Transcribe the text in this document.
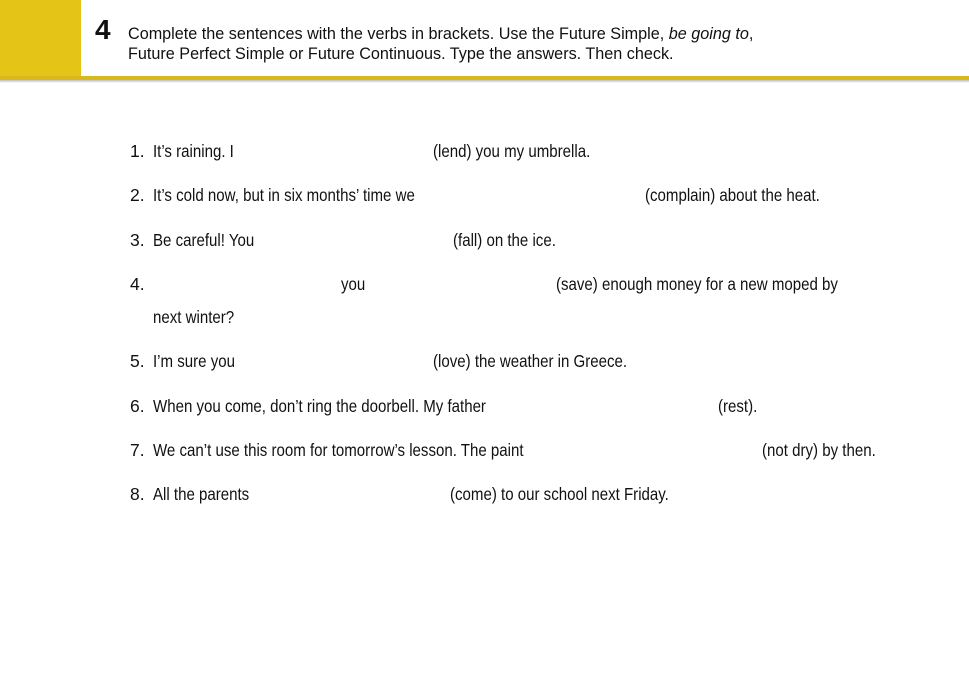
4 Complete the sentences with the verbs in brackets. Use the Future Simple, be going to,
Future Perfect Simple or Future Continuous. Type the answers. Then check.
1. It’s raining. I	(lend) you my umbrella.
2. It’s cold now, but in six months’ time we	(complain) about the heat.
3. Be careful! You	(fall) on the ice.
4.	you	(save) enough money for a new moped by
next winter?
5. I’m sure you	(love) the weather in Greece.
6. When you come, don’t ring the doorbell. My father	(rest).
7. We can’t use this room for tomorrow’s lesson. The paint	(not dry) by then.
8. All the parents	(come) to our school next Friday.
